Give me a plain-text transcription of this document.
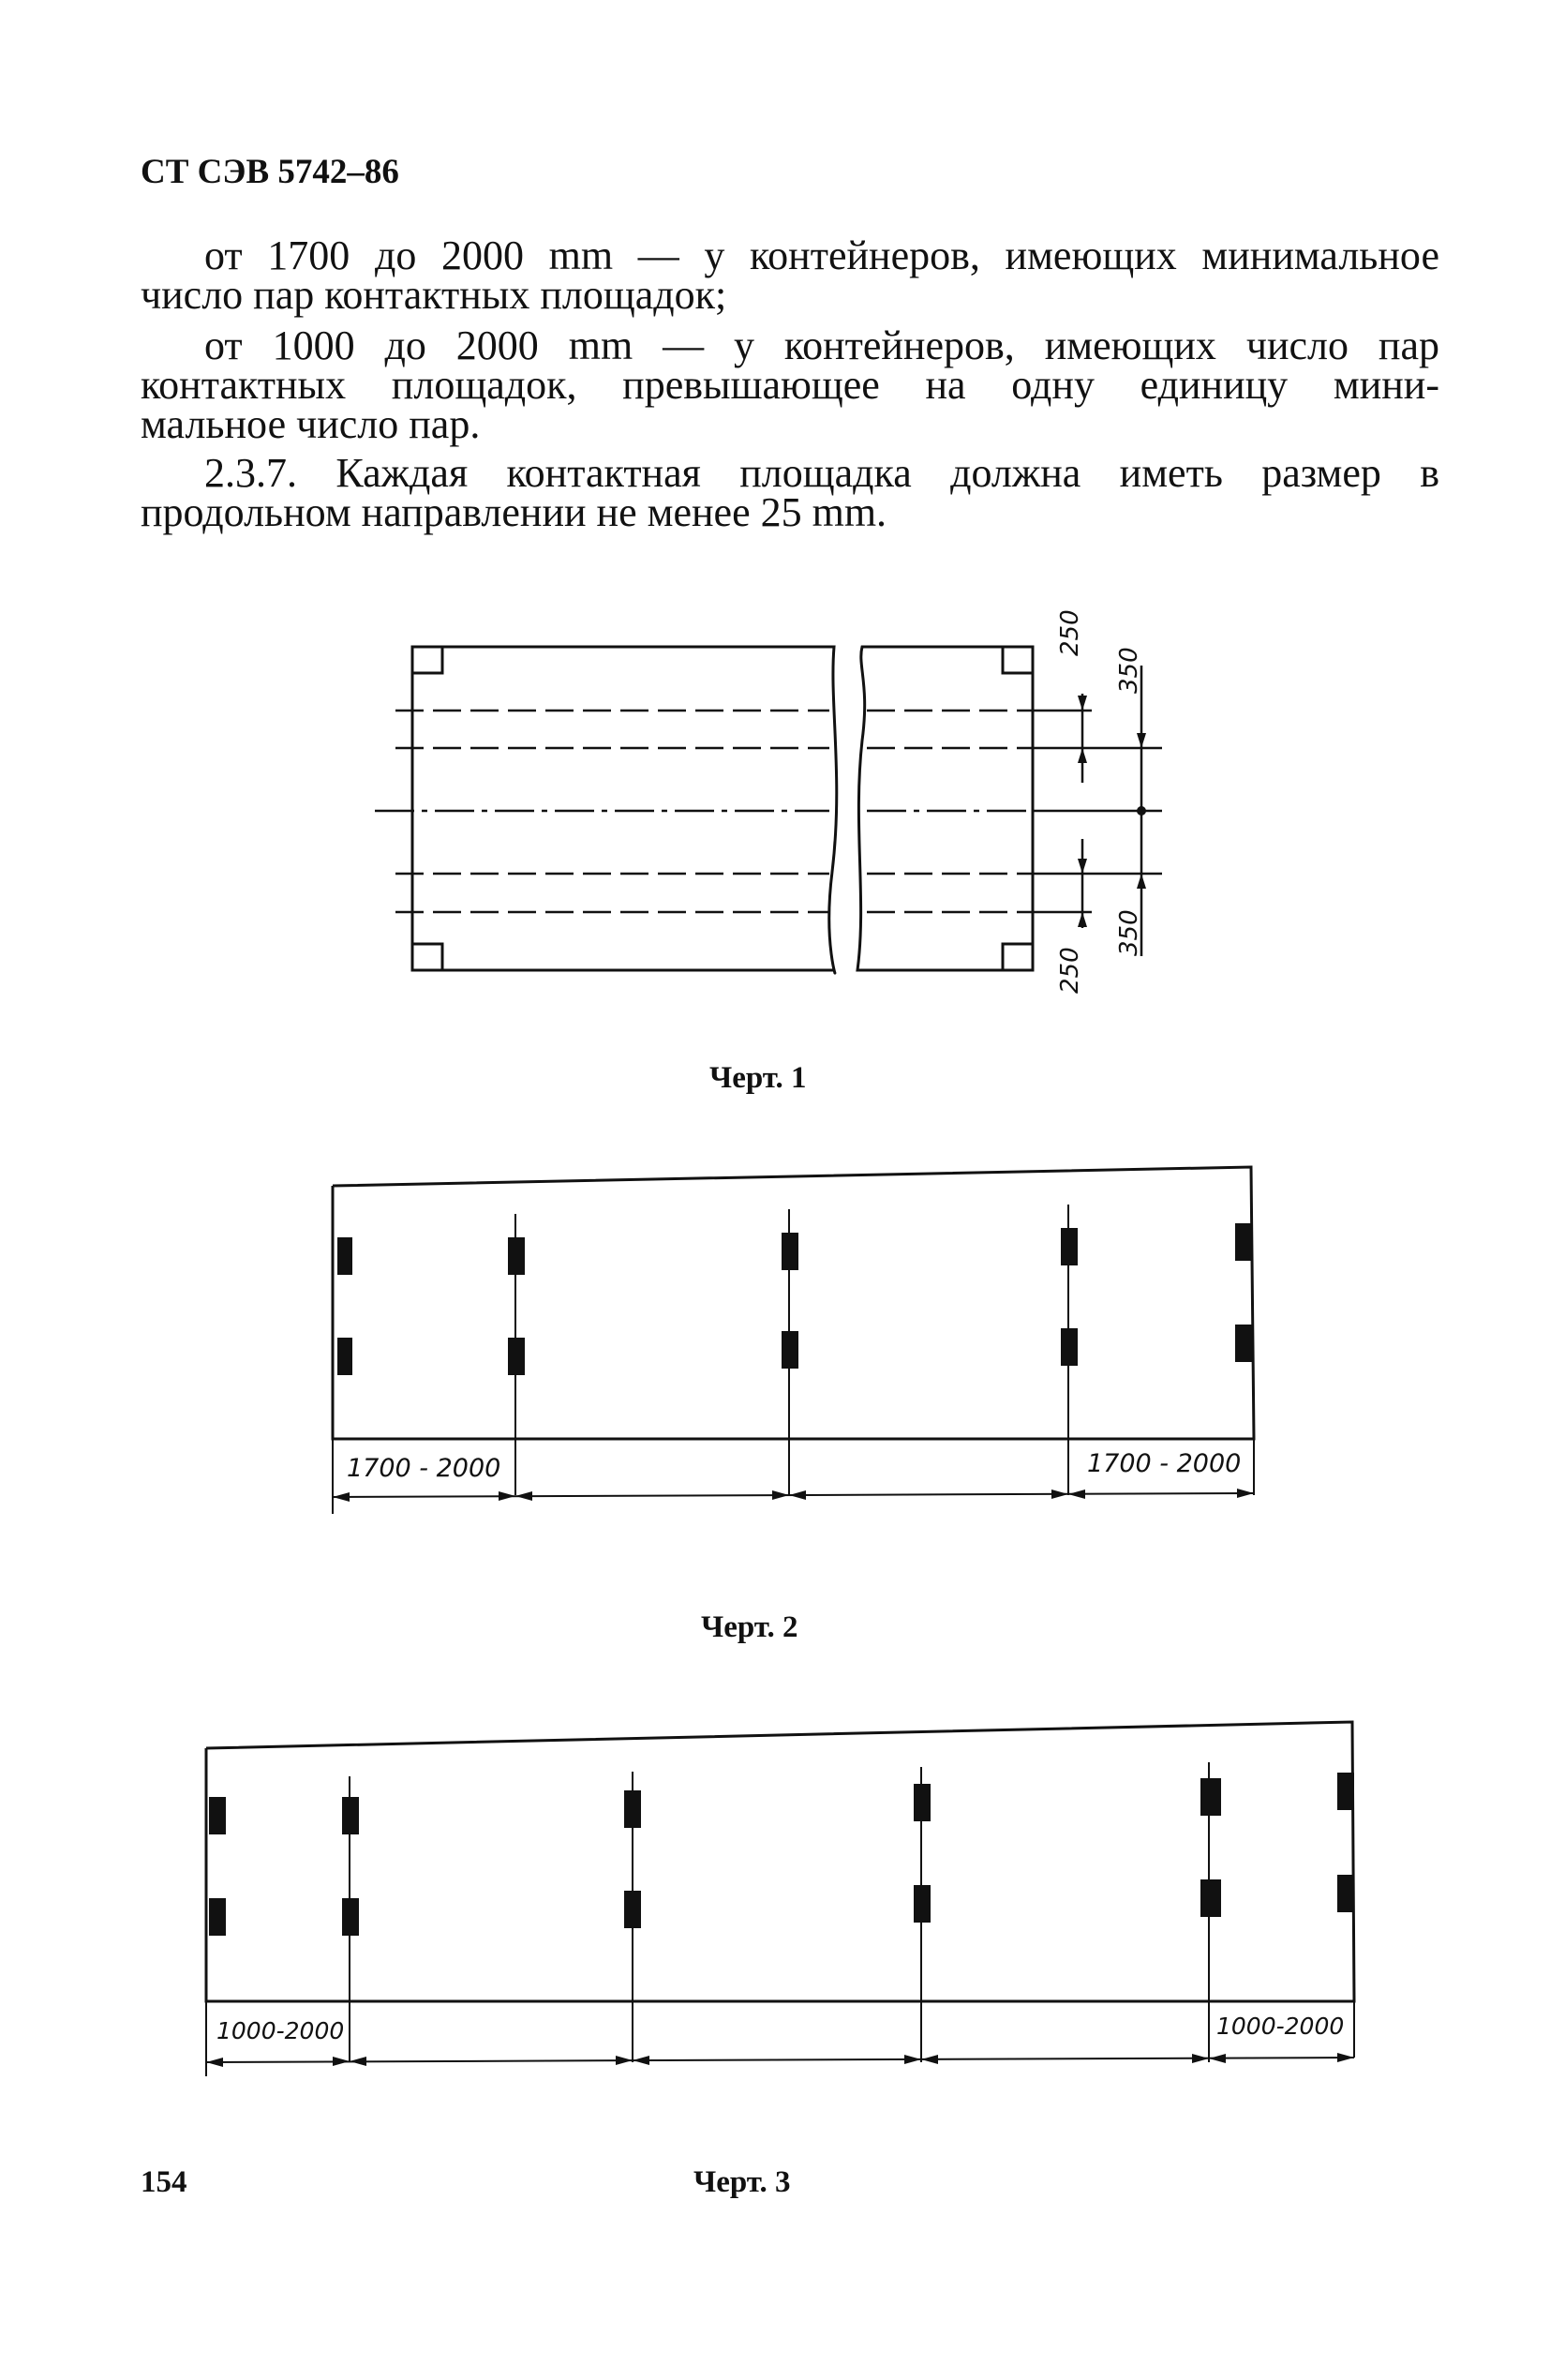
СТ СЭВ 5742–86
от 1700 до 2000 mm — у контейнеров, имеющих минимальное
число пар контактных площадок;
от 1000 до 2000 mm — у контейнеров, имеющих число пар
контактных площадок, превышающее на одну единицу мини-
мальное число пар.
2.3.7. Каждая контактная площадка должна иметь размер в
продольном направлении не менее 25 mm.
250
350
250
350
Черт. 1
1700 - 2000	1700 - 2000
Черт. 2
1000-2000	1000-2000
Черт. 3
154
